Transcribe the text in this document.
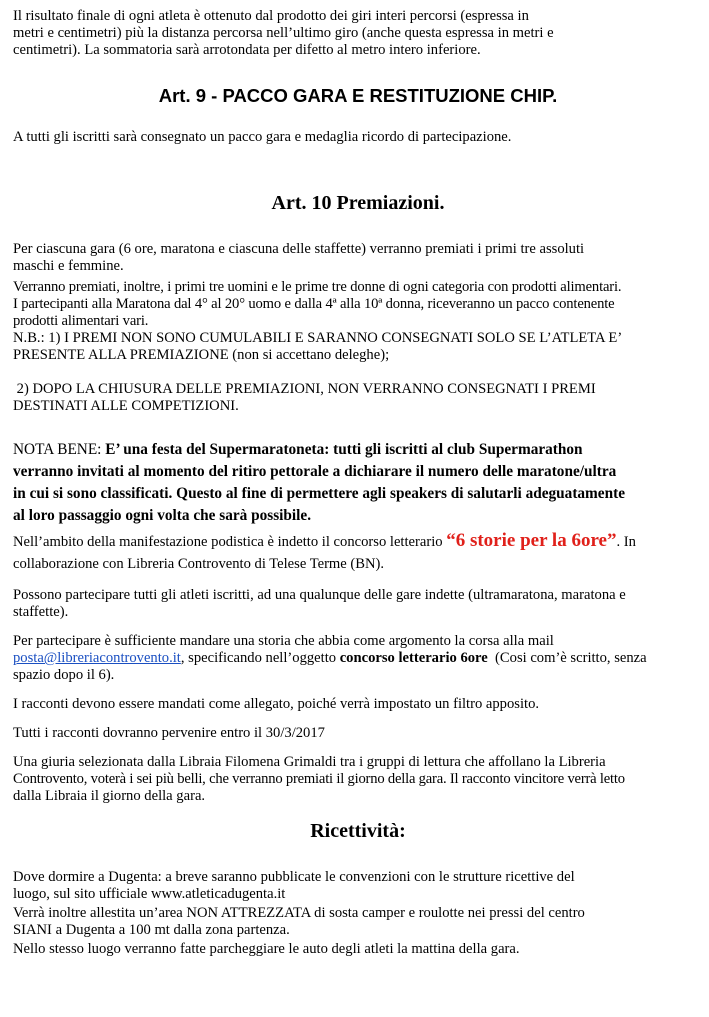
Il risultato finale di ogni atleta è ottenuto dal prodotto dei giri interi percorsi (espressa in
metri e centimetri) più la distanza percorsa nell’ultimo giro (anche questa espressa in metri e
centimetri). La sommatoria sarà arrotondata per difetto al metro intero inferiore.

Art. 9 - PACCO GARA E RESTITUZIONE CHIP.

A tutti gli iscritti sarà consegnato un pacco gara e medaglia ricordo di partecipazione.

Art. 10 Premiazioni.

Per ciascuna gara (6 ore, maratona e ciascuna delle staffette) verranno premiati i primi tre assoluti
maschi e femmine.

Verranno premiati, inoltre, i primi tre uomini e le prime tre donne di ogni categoria con prodotti alimentari.

I partecipanti alla Maratona dal 4° al 20° uomo e dalla 4ª alla 10ª donna, riceveranno un pacco contenente
prodotti alimentari vari.

N.B.: 1) I PREMI NON SONO CUMULABILI E SARANNO CONSEGNATI SOLO SE L’ATLETA E’
PRESENTE ALLA PREMIAZIONE (non si accettano deleghe);

2) DOPO LA CHIUSURA DELLE PREMIAZIONI, NON VERRANNO CONSEGNATI I PREMI
DESTINATI ALLE COMPETIZIONI.

NOTA BENE: E’ una festa del Supermaratoneta: tutti gli iscritti al club Supermarathon
verranno invitati al momento del ritiro pettorale a dichiarare il numero delle maratone/ultra
in cui si sono classificati. Questo al fine di permettere agli speakers di salutarli adeguatamente
al loro passaggio ogni volta che sarà possibile.

Nell’ambito della manifestazione podistica è indetto il concorso letterario “6 storie per la 6ore”. In
collaborazione con Libreria Controvento di Telese Terme (BN).

Possono partecipare tutti gli atleti iscritti, ad una qualunque delle gare indette (ultramaratona, maratona e
staffette).

Per partecipare è sufficiente mandare una storia che abbia come argomento la corsa alla mail
posta@libreriacontrovento.it, specificando nell’oggetto concorso letterario 6ore  (Cosi com’è scritto, senza
spazio dopo il 6).

I racconti devono essere mandati come allegato, poiché verrà impostato un filtro apposito.

Tutti i racconti dovranno pervenire entro il 30/3/2017

Una giuria selezionata dalla Libraia Filomena Grimaldi tra i gruppi di lettura che affollano la Libreria
Controvento, voterà i sei più belli, che verranno premiati il giorno della gara. Il racconto vincitore verrà letto
dalla Libraia il giorno della gara.

Ricettività:

Dove dormire a Dugenta: a breve saranno pubblicate le convenzioni con le strutture ricettive del
luogo, sul sito ufficiale www.atleticadugenta.it

Verrà inoltre allestita un’area NON ATTREZZATA di sosta camper e roulotte nei pressi del centro
SIANI a Dugenta a 100 mt dalla zona partenza.

Nello stesso luogo verranno fatte parcheggiare le auto degli atleti la mattina della gara.
